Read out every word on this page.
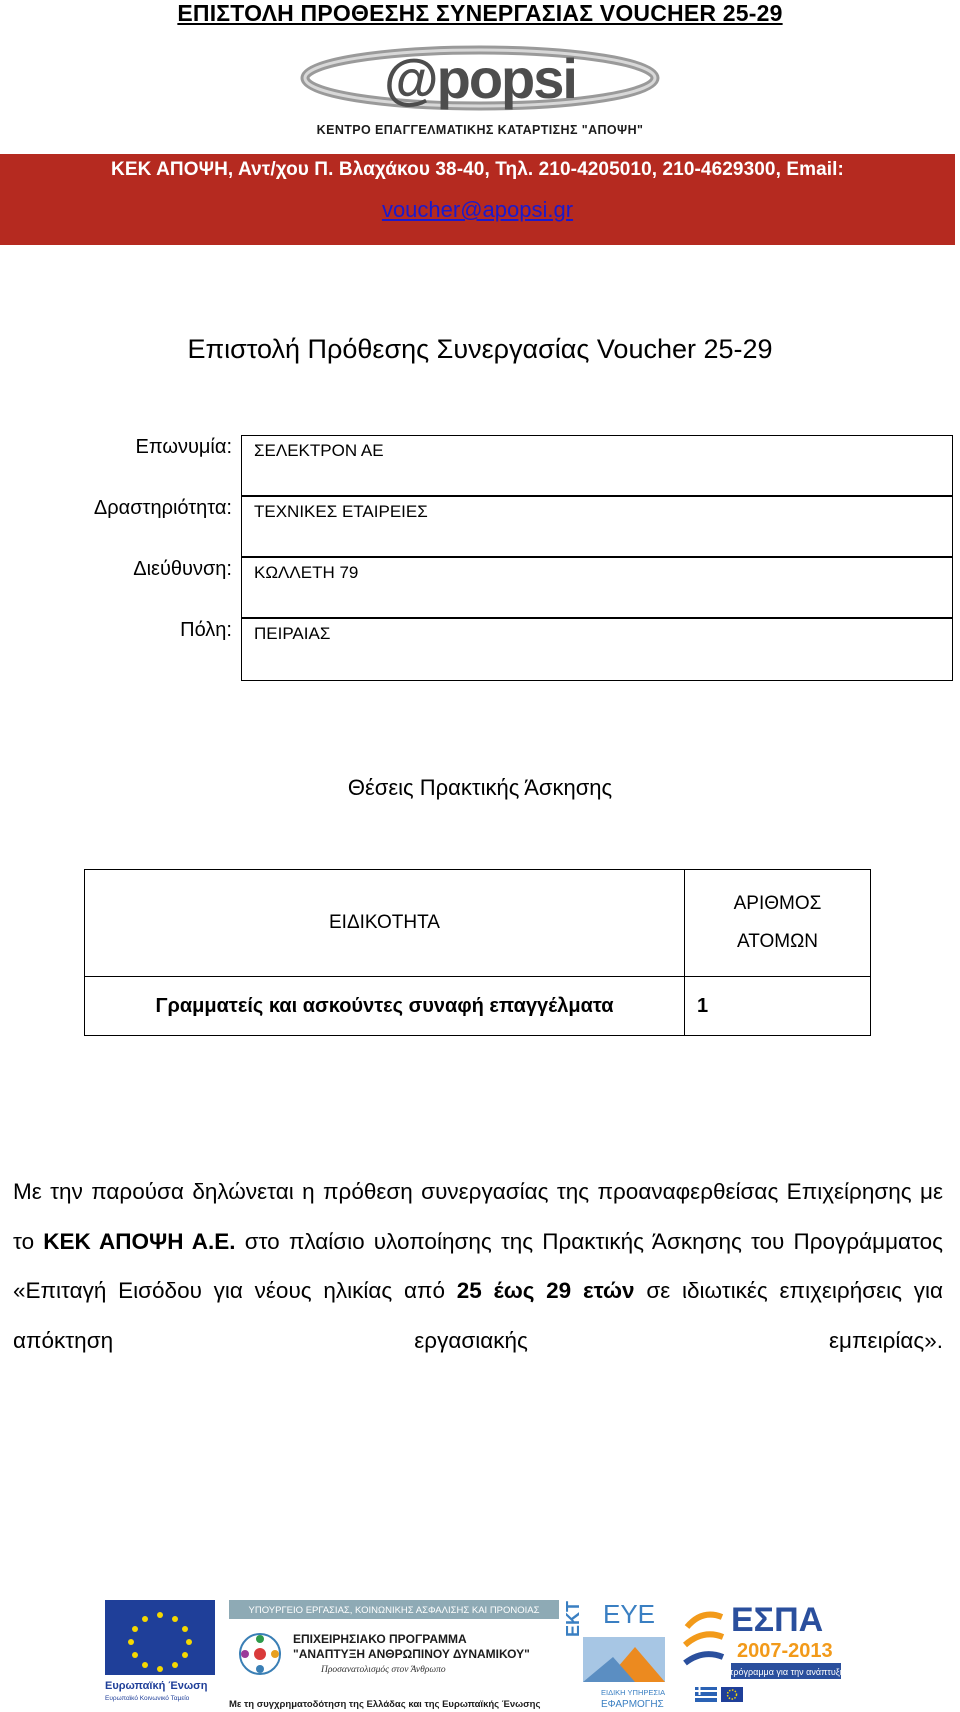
ΕΠΙΣΤΟΛΗ ΠΡΟΘΕΣΗΣ ΣΥΝΕΡΓΑΣΙΑΣ VOUCHER 25-29
@popsi
ΚΕΝΤΡΟ ΕΠΑΓΓΕΛΜΑΤΙΚΗΣ ΚΑΤΑΡΤΙΣΗΣ "ΑΠΟΨΗ"
ΚΕΚ ΑΠΟΨΗ, Αντ/χου Π. Βλαχάκου 38-40, Τηλ. 210-4205010, 210-4629300, Email:
voucher@apopsi.gr
Επιστολή Πρόθεσης Συνεργασίας Voucher 25-29
Επωνυμία:	ΣΕΛΕΚΤΡΟΝ ΑΕ
Δραστηριότητα:	ΤΕΧΝΙΚΕΣ ΕΤΑΙΡΕΙΕΣ
Διεύθυνση:	ΚΩΛΛΕΤΗ 79
Πόλη:	ΠΕΙΡΑΙΑΣ
Θέσεις Πρακτικής Άσκησης
ΕΙΔΙΚΟΤΗΤΑ	ΑΡΙΘΜΟΣ
ΑΤΟΜΩΝ

Γραμματείς και ασκούντες συναφή επαγγέλματα	1
Με την παρούσα δηλώνεται η πρόθεση συνεργασίας της προαναφερθείσας Επιχείρησης με το ΚΕΚ ΑΠΟΨΗ Α.Ε. στο πλαίσιο υλοποίησης της Πρακτικής Άσκησης του Προγράμματος «Επιταγή Εισόδου για νέους ηλικίας από 25 έως 29 ετών σε ιδιωτικές επιχειρήσεις για απόκτηση εργασιακής εμπειρίας».
Ευρωπαϊκή Ένωση
Ευρωπαϊκό Κοινωνικό Ταμείο
ΥΠΟΥΡΓΕΙΟ ΕΡΓΑΣΙΑΣ, ΚΟΙΝΩΝΙΚΗΣ ΑΣΦΑΛΙΣΗΣ ΚΑΙ ΠΡΟΝΟΙΑΣ
ΕΠΙΧΕΙΡΗΣΙΑΚΟ ΠΡΟΓΡΑΜΜΑ
"ΑΝΑΠΤΥΞΗ ΑΝΘΡΩΠΙΝΟΥ ΔΥΝΑΜΙΚΟΥ"
Προσανατολισμός στον Άνθρωπο
Με τη συγχρηματοδότηση της Ελλάδας και της Ευρωπαϊκής Ένωσης
ΕΚΤ ΕΥΕ
ΕΙΔΙΚΗ ΥΠΗΡΕΣΙΑ
ΕΦΑΡΜΟΓΗΣ
ΕΣΠΑ
2007-2013
πρόγραμμα για την ανάπτυξη
